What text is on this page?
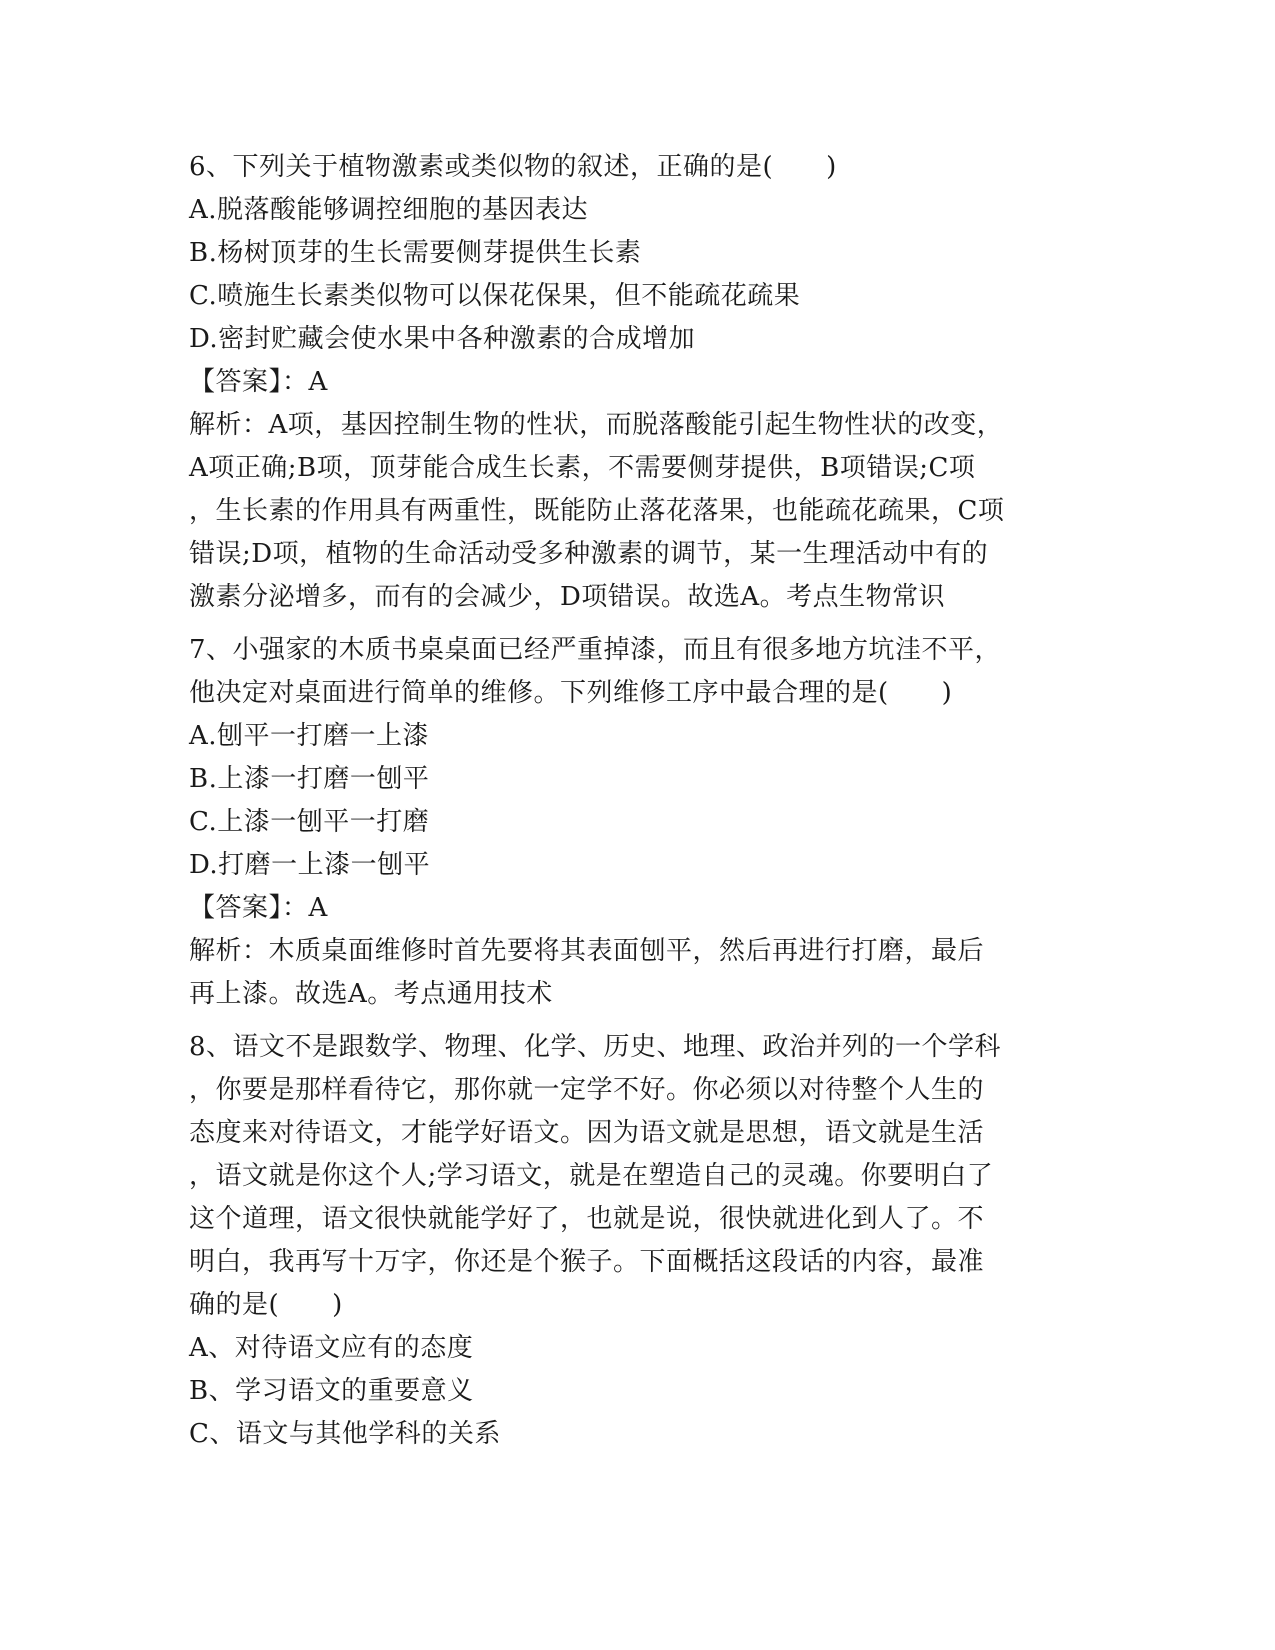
6、下列关于植物激素或类似物的叙述，正确的是(　　)
A.脱落酸能够调控细胞的基因表达
B.杨树顶芽的生长需要侧芽提供生长素
C.喷施生长素类似物可以保花保果，但不能疏花疏果
D.密封贮藏会使水果中各种激素的合成增加
【答案】：A
解析：A项，基因控制生物的性状，而脱落酸能引起生物性状的改变，
A项正确;B项，顶芽能合成生长素，不需要侧芽提供，B项错误;C项
，生长素的作用具有两重性，既能防止落花落果，也能疏花疏果，C项
错误;D项，植物的生命活动受多种激素的调节，某一生理活动中有的
激素分泌增多，而有的会减少，D项错误。故选A。考点生物常识
7、小强家的木质书桌桌面已经严重掉漆，而且有很多地方坑洼不平，
他决定对桌面进行简单的维修。下列维修工序中最合理的是(　　)
A.刨平一打磨一上漆
B.上漆一打磨一刨平
C.上漆一刨平一打磨
D.打磨一上漆一刨平
【答案】：A
解析：木质桌面维修时首先要将其表面刨平，然后再进行打磨，最后
再上漆。故选A。考点通用技术
8、语文不是跟数学、物理、化学、历史、地理、政治并列的一个学科
，你要是那样看待它，那你就一定学不好。你必须以对待整个人生的
态度来对待语文，才能学好语文。因为语文就是思想，语文就是生活
，语文就是你这个人;学习语文，就是在塑造自己的灵魂。你要明白了
这个道理，语文很快就能学好了，也就是说，很快就进化到人了。不
明白，我再写十万字，你还是个猴子。下面概括这段话的内容，最准
确的是(　　)
A、对待语文应有的态度
B、学习语文的重要意义
C、语文与其他学科的关系
